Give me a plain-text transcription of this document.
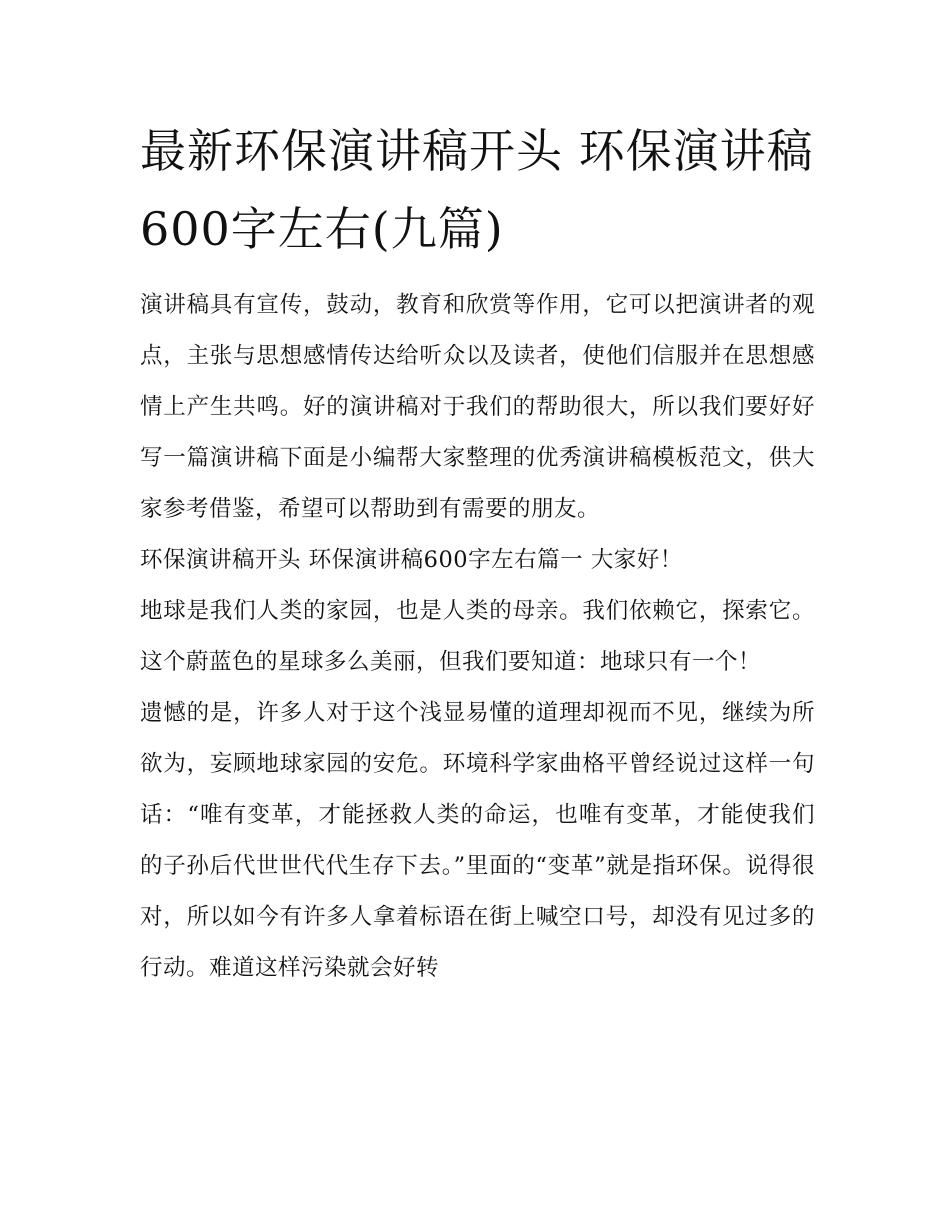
最新环保演讲稿开头 环保演讲稿600字左右(九篇)

演讲稿具有宣传，鼓动，教育和欣赏等作用，它可以把演讲者的观点，主张与思想感情传达给听众以及读者，使他们信服并在思想感情上产生共鸣。好的演讲稿对于我们的帮助很大，所以我们要好好写一篇演讲稿下面是小编帮大家整理的优秀演讲稿模板范文，供大家参考借鉴，希望可以帮助到有需要的朋友。

环保演讲稿开头 环保演讲稿600字左右篇一 大家好！

地球是我们人类的家园，也是人类的母亲。我们依赖它，探索它。这个蔚蓝色的星球多么美丽，但我们要知道：地球只有一个！

遗憾的是，许多人对于这个浅显易懂的道理却视而不见，继续为所欲为，妄顾地球家园的安危。环境科学家曲格平曾经说过这样一句话：“唯有变革，才能拯救人类的命运，也唯有变革，才能使我们的子孙后代世世代代生存下去。”里面的“变革”就是指环保。说得很对，所以如今有许多人拿着标语在街上喊空口号，却没有见过多的行动。难道这样污染就会好转
